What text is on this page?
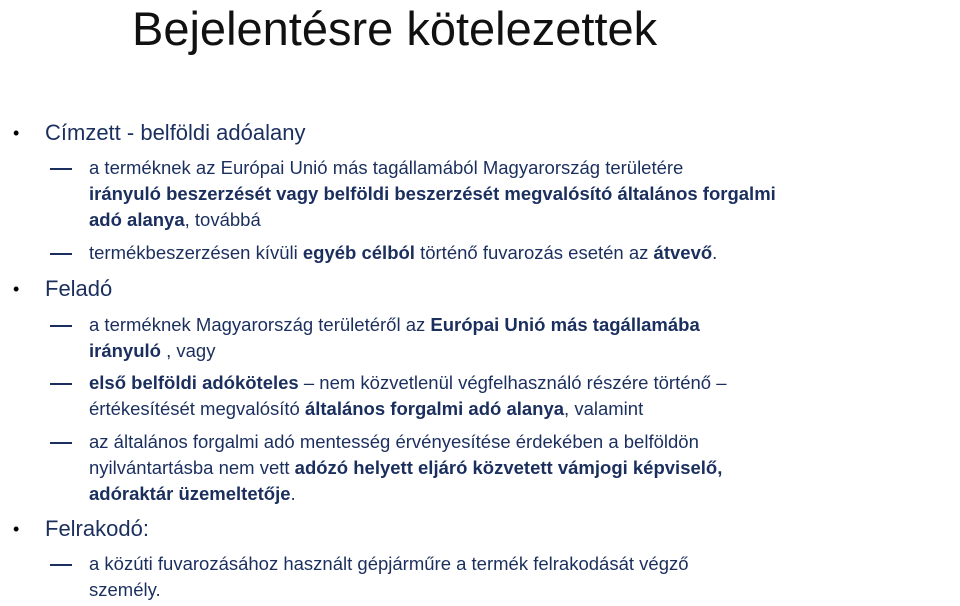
Bejelentésre kötelezettek
• Címzett - belföldi adóalany
a terméknek az Európai Unió más tagállamából Magyarország területére
irányuló beszerzését vagy belföldi beszerzését megvalósító általános forgalmi
adó alanya, továbbá
termékbeszerzésen kívüli egyéb célból történő fuvarozás esetén az átvevő.
• Feladó
a terméknek Magyarország területéről az Európai Unió más tagállamába
irányuló , vagy
első belföldi adóköteles – nem közvetlenül végfelhasználó részére történő –
értékesítését megvalósító általános forgalmi adó alanya, valamint
az általános forgalmi adó mentesség érvényesítése érdekében a belföldön
nyilvántartásba nem vett adózó helyett eljáró közvetett vámjogi képviselő,
adóraktár üzemeltetője.
• Felrakodó:
a közúti fuvarozásához használt gépjárműre a termék felrakodását végző
személy.
